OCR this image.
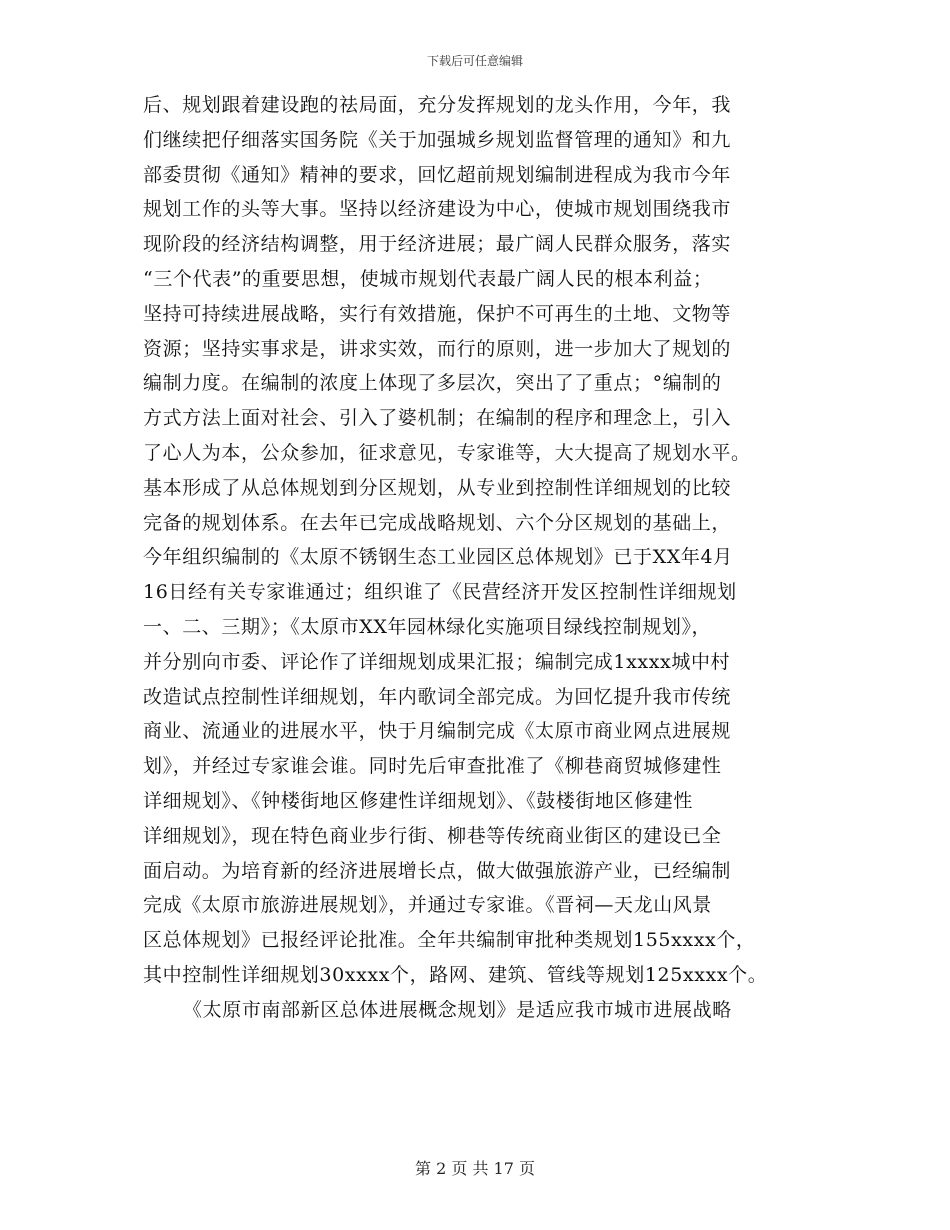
下载后可任意编辑
后、规划跟着建设跑的祛局面，充分发挥规划的龙头作用，今年，我
们继续把仔细落实国务院《关于加强城乡规划监督管理的通知》和九
部委贯彻《通知》精神的要求，回忆超前规划编制进程成为我市今年
规划工作的头等大事。坚持以经济建设为中心，使城市规划围绕我市
现阶段的经济结构调整，用于经济进展；最广阔人民群众服务，落实
“三个代表”的重要思想，使城市规划代表最广阔人民的根本利益；
坚持可持续进展战略，实行有效措施，保护不可再生的土地、文物等
资源；坚持实事求是，讲求实效，而行的原则，进一步加大了规划的
编制力度。在编制的浓度上体现了多层次，突出了了重点；°编制的
方式方法上面对社会、引入了婆机制；在编制的程序和理念上，引入
了心人为本，公众参加，征求意见，专家谁等，大大提高了规划水平。
基本形成了从总体规划到分区规划，从专业到控制性详细规划的比较
完备的规划体系。在去年已完成战略规划、六个分区规划的基础上，
今年组织编制的《太原不锈钢生态工业园区总体规划》已于XX年4月
16日经有关专家谁通过；组织谁了《民营经济开发区控制性详细规划
一、二、三期》；《太原市XX年园林绿化实施项目绿线控制规划》，
并分别向市委、评论作了详细规划成果汇报；编制完成1xxxx城中村
改造试点控制性详细规划，年内歌词全部完成。为回忆提升我市传统
商业、流通业的进展水平，快于月编制完成《太原市商业网点进展规
划》，并经过专家谁会谁。同时先后审查批准了《柳巷商贸城修建性
详细规划》、《钟楼街地区修建性详细规划》、《鼓楼街地区修建性
详细规划》，现在特色商业步行街、柳巷等传统商业街区的建设已全
面启动。为培育新的经济进展增长点，做大做强旅游产业，已经编制
完成《太原市旅游进展规划》，并通过专家谁。《晋祠—天龙山风景
区总体规划》已报经评论批准。全年共编制审批种类规划155xxxx个，
其中控制性详细规划30xxxx个，路网、建筑、管线等规划125xxxx个。
《太原市南部新区总体进展概念规划》是适应我市城市进展战略
第 2 页 共 17 页
